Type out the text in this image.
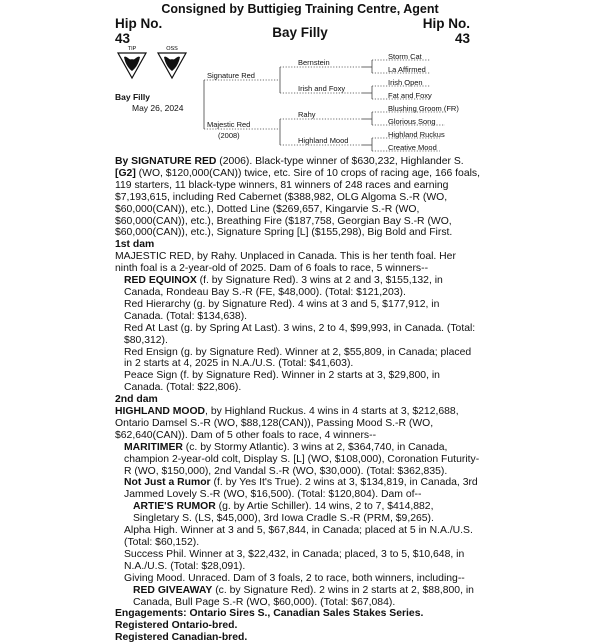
Consigned by Buttigieg Training Centre, Agent
Hip No.
43
Hip No.
43
Bay Filly
TIP	OSS
Bay Filly
May 26, 2024
Signature Red
Majestic Red
(2008)
Bernstein
Irish and Foxy
Rahy
Highland Mood
Storm Cat
La Affirmed
Irish Open
Fat and Foxy
Blushing Groom (FR)
Glorious Song
Highland Ruckus
Creative Mood

By SIGNATURE RED (2006). Black-type winner of $630,232, Highlander S. [G2] (WO, $120,000(CAN)) twice, etc. Sire of 10 crops of racing age, 166 foals, 119 starters, 11 black-type winners, 81 winners of 248 races and earning $7,193,615, including Red Cabernet ($388,982, OLG Algoma S.-R (WO, $60,000(CAN)), etc.), Dotted Line ($269,657, Kingarvie S.-R (WO, $60,000(CAN)), etc.), Breathing Fire ($187,758, Georgian Bay S.-R (WO, $60,000(CAN)), etc.), Signature Spring [L] ($155,298), Big Bold and First.

1st dam

MAJESTIC RED, by Rahy. Unplaced in Canada. This is her tenth foal. Her ninth foal is a 2-year-old of 2025. Dam of 6 foals to race, 5 winners--

RED EQUINOX (f. by Signature Red). 3 wins at 2 and 3, $155,132, in

Canada, Rondeau Bay S.-R (FE, $48,000). (Total: $121,203).

Red Hierarchy (g. by Signature Red). 4 wins at 3 and 5, $177,912, in

Canada. (Total: $134,638).

Red At Last (g. by Spring At Last). 3 wins, 2 to 4, $99,993, in Canada. (Total:

$80,312).

Red Ensign (g. by Signature Red). Winner at 2, $55,809, in Canada; placed

in 2 starts at 4, 2025 in N.A./U.S. (Total: $41,603).

Peace Sign (f. by Signature Red). Winner in 2 starts at 3, $29,800, in

Canada. (Total: $22,806).

2nd dam

HIGHLAND MOOD, by Highland Ruckus. 4 wins in 4 starts at 3, $212,688, Ontario Damsel S.-R (WO, $88,128(CAN)), Passing Mood S.-R (WO, $62,640(CAN)). Dam of 5 other foals to race, 4 winners--

MARITIMER (c. by Stormy Atlantic). 3 wins at 2, $364,740, in Canada, champion 2-year-old colt, Display S. [L] (WO, $108,000), Coronation Futurity-R (WO, $150,000), 2nd Vandal S.-R (WO, $30,000). (Total: $362,835).

Not Just a Rumor (f. by Yes It's True). 2 wins at 3, $134,819, in Canada, 3rd Jammed Lovely S.-R (WO, $16,500). (Total: $120,804). Dam of--

ARTIE'S RUMOR (g. by Artie Schiller). 14 wins, 2 to 7, $414,882, Singletary S. (LS, $45,000), 3rd Iowa Cradle S.-R (PRM, $9,265).

Alpha High. Winner at 3 and 5, $67,844, in Canada; placed at 5 in N.A./U.S.

(Total: $60,152).

Success Phil. Winner at 3, $22,432, in Canada; placed, 3 to 5, $10,648, in

N.A./U.S. (Total: $28,091).

Giving Mood. Unraced. Dam of 3 foals, 2 to race, both winners, including--

RED GIVEAWAY (c. by Signature Red). 2 wins in 2 starts at 2, $88,800, in Canada, Bull Page S.-R (WO, $60,000). (Total: $67,084).

Engagements: Ontario Sires S., Canadian Sales Stakes Series.

Registered Ontario-bred.

Registered Canadian-bred.
